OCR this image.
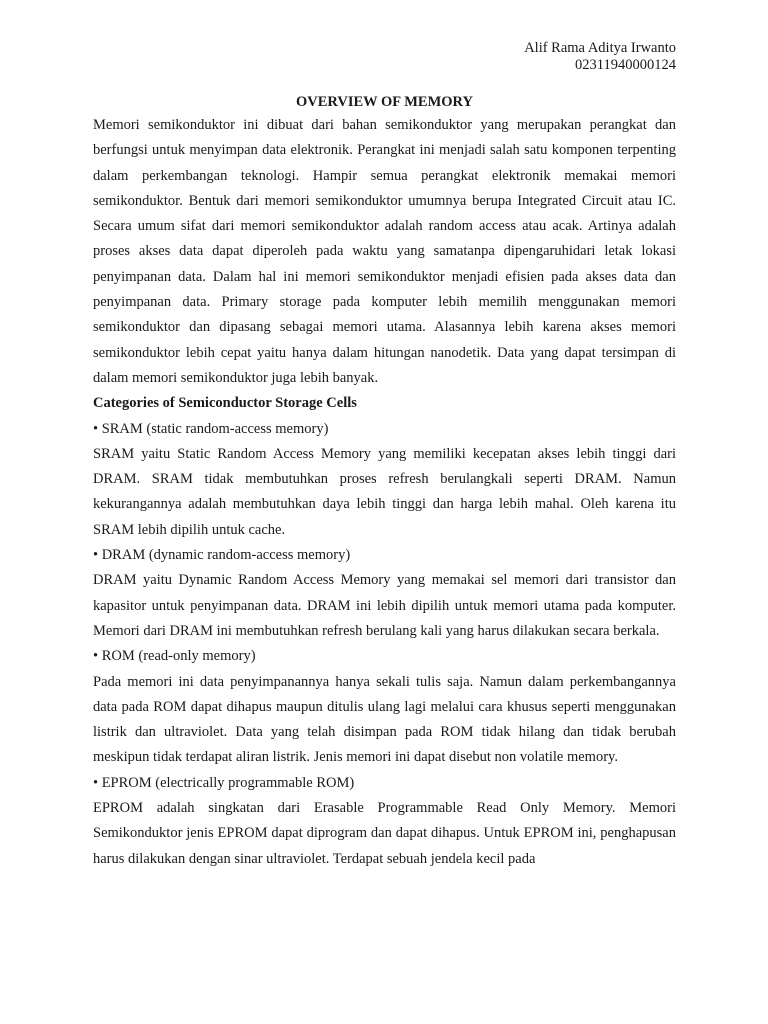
Alif Rama Aditya Irwanto
02311940000124
OVERVIEW OF MEMORY

Memori semikonduktor ini dibuat dari bahan semikonduktor yang merupakan perangkat dan berfungsi untuk menyimpan data elektronik. Perangkat ini menjadi salah satu komponen terpenting dalam perkembangan teknologi. Hampir semua perangkat elektronik memakai memori semikonduktor. Bentuk dari memori semikonduktor umumnya berupa Integrated Circuit atau IC. Secara umum sifat dari memori semikonduktor adalah random access atau acak. Artinya adalah proses akses data dapat diperoleh pada waktu yang samatanpa dipengaruhidari letak lokasi penyimpanan data. Dalam hal ini memori semikonduktor menjadi efisien pada akses data dan penyimpanan data. Primary storage pada komputer lebih memilih menggunakan memori semikonduktor dan dipasang sebagai memori utama. Alasannya lebih karena akses memori semikonduktor lebih cepat yaitu hanya dalam hitungan nanodetik. Data yang dapat tersimpan di dalam memori semikonduktor juga lebih banyak.

Categories of Semiconductor Storage Cells

• SRAM (static random-access memory)

SRAM yaitu Static Random Access Memory yang memiliki kecepatan akses lebih tinggi dari DRAM. SRAM tidak membutuhkan proses refresh berulangkali seperti DRAM. Namun kekurangannya adalah membutuhkan daya lebih tinggi dan harga lebih mahal. Oleh karena itu SRAM lebih dipilih untuk cache.

• DRAM (dynamic random-access memory)

DRAM yaitu Dynamic Random Access Memory yang memakai sel memori dari transistor dan kapasitor untuk penyimpanan data. DRAM ini lebih dipilih untuk memori utama pada komputer. Memori dari DRAM ini membutuhkan refresh berulang kali yang harus dilakukan secara berkala.

• ROM (read-only memory)

Pada memori ini data penyimpanannya hanya sekali tulis saja. Namun dalam perkembangannya data pada ROM dapat dihapus maupun ditulis ulang lagi melalui cara khusus seperti menggunakan listrik dan ultraviolet. Data yang telah disimpan pada ROM tidak hilang dan tidak berubah meskipun tidak terdapat aliran listrik. Jenis memori ini dapat disebut non volatile memory.

• EPROM (electrically programmable ROM)

EPROM adalah singkatan dari Erasable Programmable Read Only Memory. Memori Semikonduktor jenis EPROM dapat diprogram dan dapat dihapus. Untuk EPROM ini, penghapusan harus dilakukan dengan sinar ultraviolet. Terdapat sebuah jendela kecil pada
